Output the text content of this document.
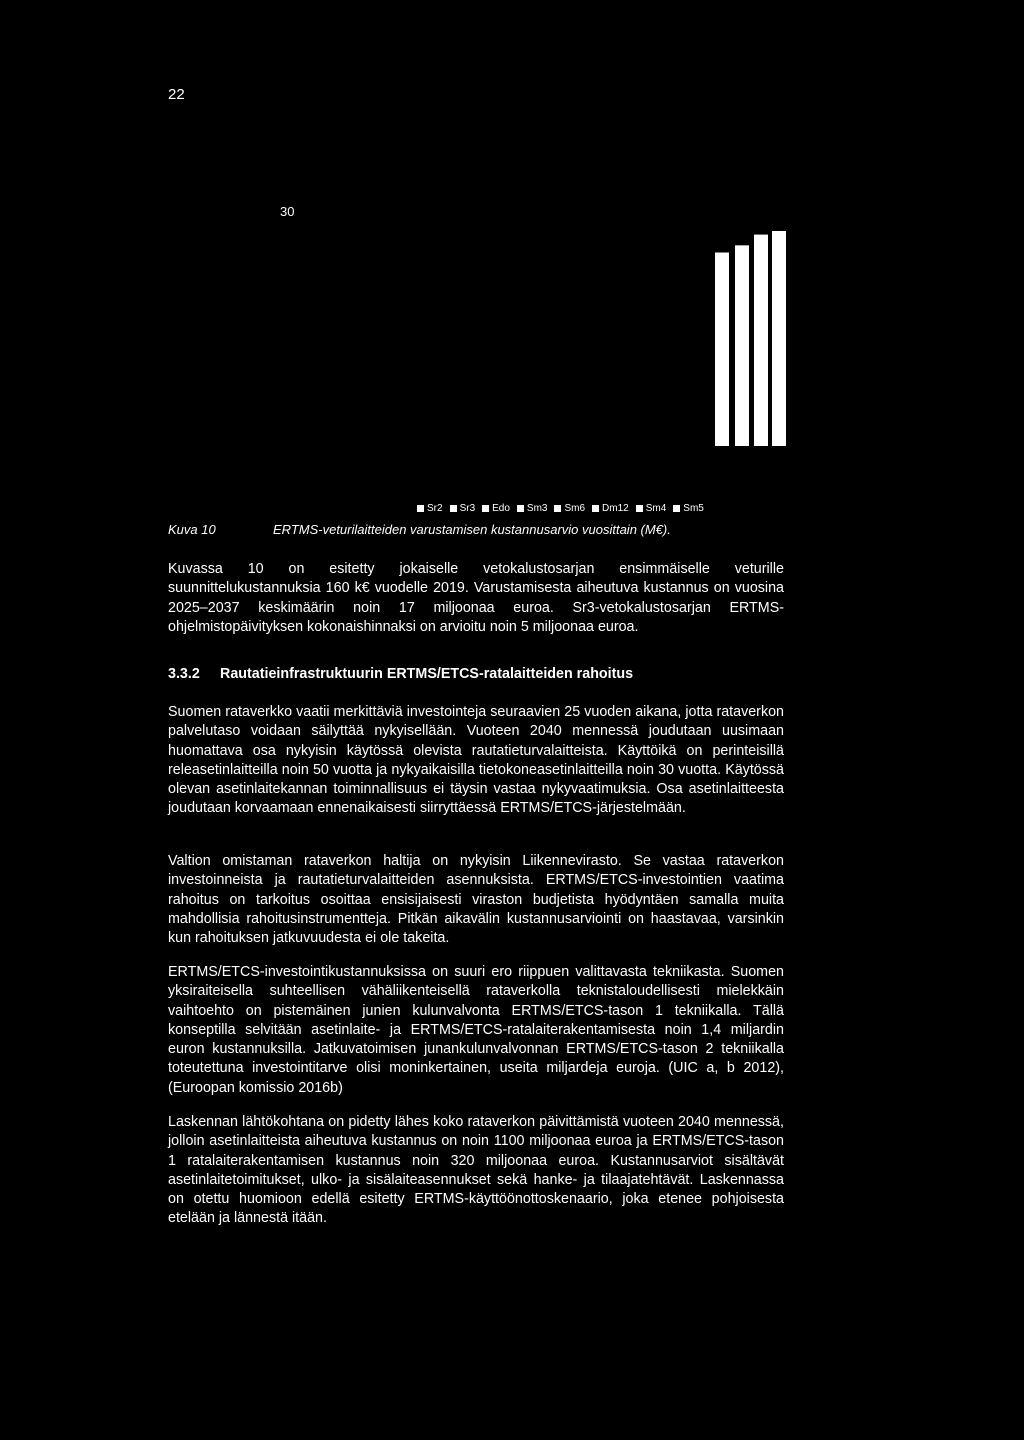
22
30
Sr2 Sr3 Edo Sm3 Sm6 Dm12 Sm4 Sm5
Kuva 10	ERTMS-veturilaitteiden varustamisen kustannusarvio vuosittain (M€).

Kuvassa 10 on esitetty jokaiselle vetokalustosarjan ensimmäiselle veturille suunnittelukustannuksia 160 k€ vuodelle 2019. Varustamisesta aiheutuva kustannus on vuosina 2025–2037 keskimäärin noin 17 miljoonaa euroa. Sr3-vetokalustosarjan ERTMS-ohjelmistopäivityksen kokonaishinnaksi on arvioitu noin 5 miljoonaa euroa.

3.3.2 Rautatieinfrastruktuurin ERTMS/ETCS-ratalaitteiden rahoitus

Suomen rataverkko vaatii merkittäviä investointeja seuraavien 25 vuoden aikana, jotta rataverkon palvelutaso voidaan säilyttää nykyisellään. Vuoteen 2040 mennessä joudutaan uusimaan huomattava osa nykyisin käytössä olevista rautatieturvalaitteista. Käyttöikä on perinteisillä releasetinlaitteilla noin 50 vuotta ja nykyaikaisilla tietokoneasetinlaitteilla noin 30 vuotta. Käytössä olevan asetinlaitekannan toiminnallisuus ei täysin vastaa nykyvaatimuksia. Osa asetinlaitteesta joudutaan korvaamaan ennenaikaisesti siirryttäessä ERTMS/ETCS-järjestelmään.

Valtion omistaman rataverkon haltija on nykyisin Liikennevirasto. Se vastaa rataverkon investoinneista ja rautatieturvalaitteiden asennuksista. ERTMS/ETCS-investointien vaatima rahoitus on tarkoitus osoittaa ensisijaisesti viraston budjetista hyödyntäen samalla muita mahdollisia rahoitusinstrumentteja. Pitkän aikavälin kustannusarviointi on haastavaa, varsinkin kun rahoituksen jatkuvuudesta ei ole takeita.

ERTMS/ETCS-investointikustannuksissa on suuri ero riippuen valittavasta tekniikasta. Suomen yksiraiteisella suhteellisen vähäliikenteisellä rataverkolla teknistaloudellisesti mielekkäin vaihtoehto on pistemäinen junien kulunvalvonta ERTMS/ETCS-tason 1 tekniikalla. Tällä konseptilla selvitään asetinlaite- ja ERTMS/ETCS-ratalaiterakentamisesta noin 1,4 miljardin euron kustannuksilla. Jatkuvatoimisen junankulunvalvonnan ERTMS/ETCS-tason 2 tekniikalla toteutettuna investointitarve olisi moninkertainen, useita miljardeja euroja. (UIC a, b 2012), (Euroopan komissio 2016b)

Laskennan lähtökohtana on pidetty lähes koko rataverkon päivittämistä vuoteen 2040 mennessä, jolloin asetinlaitteista aiheutuva kustannus on noin 1100 miljoonaa euroa ja ERTMS/ETCS-tason 1 ratalaiterakentamisen kustannus noin 320 miljoonaa euroa. Kustannusarviot sisältävät asetinlaitetoimitukset, ulko- ja sisälaiteasennukset sekä hanke- ja tilaajatehtävät. Laskennassa on otettu huomioon edellä esitetty ERTMS-käyttöönottoskenaario, joka etenee pohjoisesta etelään ja lännestä itään.
